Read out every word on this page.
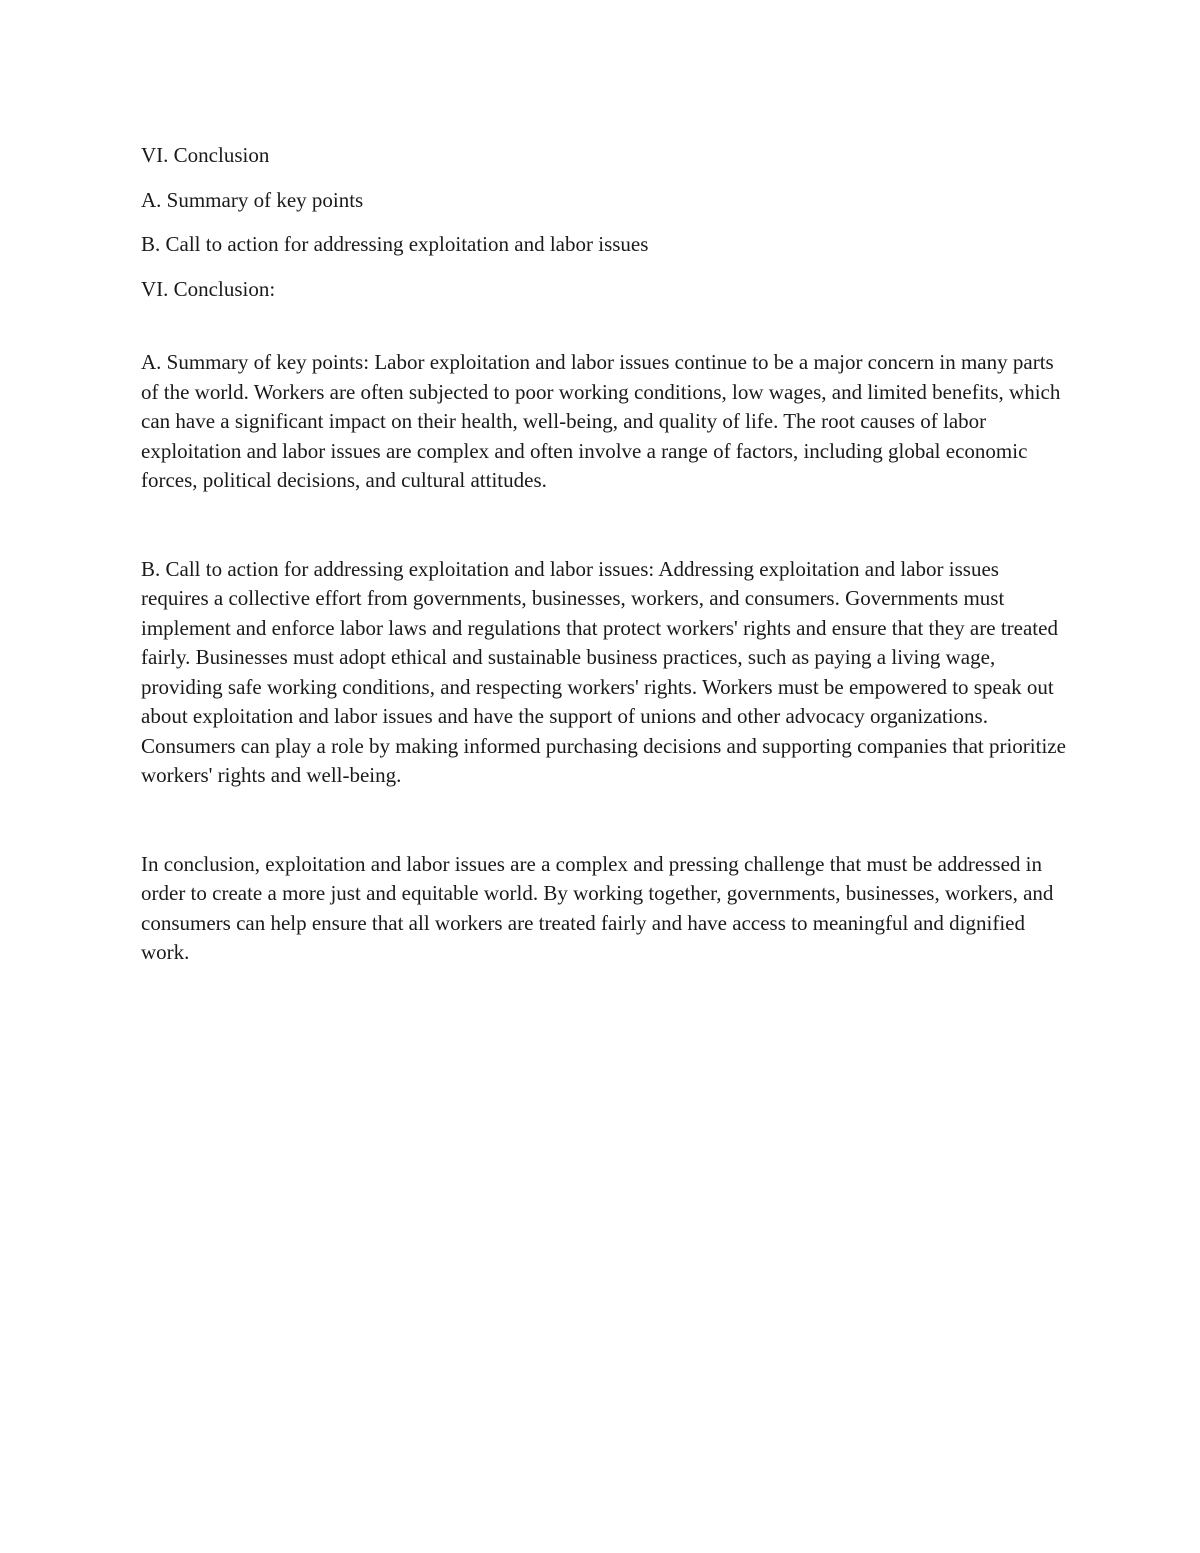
VI. Conclusion

A. Summary of key points

B. Call to action for addressing exploitation and labor issues

VI. Conclusion:

A. Summary of key points: Labor exploitation and labor issues continue to be a major concern in many parts of the world. Workers are often subjected to poor working conditions, low wages, and limited benefits, which can have a significant impact on their health, well-being, and quality of life. The root causes of labor exploitation and labor issues are complex and often involve a range of factors, including global economic forces, political decisions, and cultural attitudes.

B. Call to action for addressing exploitation and labor issues: Addressing exploitation and labor issues requires a collective effort from governments, businesses, workers, and consumers. Governments must implement and enforce labor laws and regulations that protect workers' rights and ensure that they are treated fairly. Businesses must adopt ethical and sustainable business practices, such as paying a living wage, providing safe working conditions, and respecting workers' rights. Workers must be empowered to speak out about exploitation and labor issues and have the support of unions and other advocacy organizations. Consumers can play a role by making informed purchasing decisions and supporting companies that prioritize workers' rights and well-being.

In conclusion, exploitation and labor issues are a complex and pressing challenge that must be addressed in order to create a more just and equitable world. By working together, governments, businesses, workers, and consumers can help ensure that all workers are treated fairly and have access to meaningful and dignified work.
